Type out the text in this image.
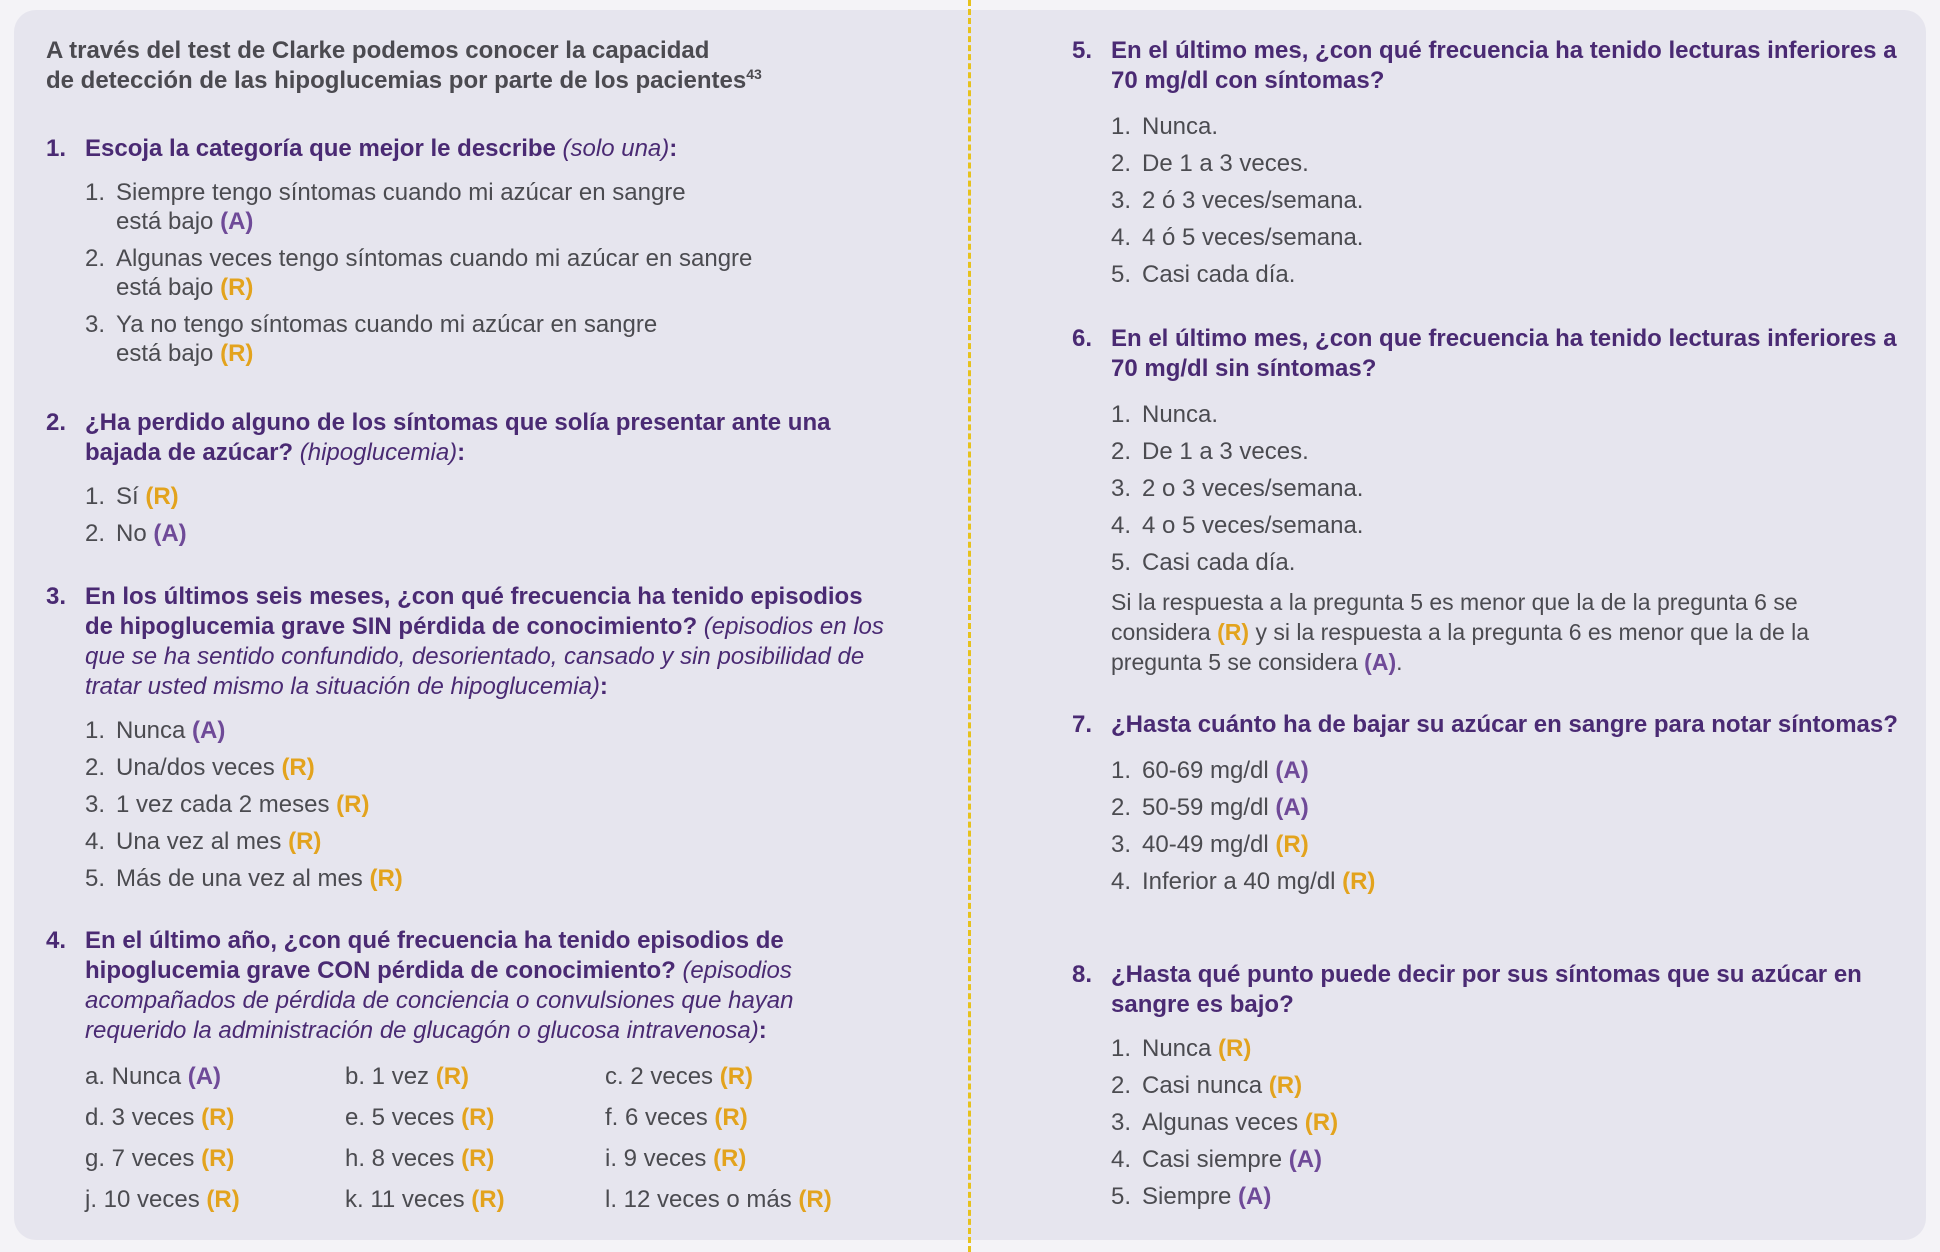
A través del test de Clarke podemos conocer la capacidad
de detección de las hipoglucemias por parte de los pacientes$^{43}$
1. Escoja la categoría que mejor le describe (solo una):
1. Siempre tengo síntomas cuando mi azúcar en sangre
está bajo (A)
2. Algunas veces tengo síntomas cuando mi azúcar en sangre
está bajo (R)
3. Ya no tengo síntomas cuando mi azúcar en sangre
está bajo (R)
2. ¿Ha perdido alguno de los síntomas que solía presentar ante una bajada de azúcar? (hipoglucemia):
1. Sí (R)
2. No (A)
3. En los últimos seis meses, ¿con qué frecuencia ha tenido episodios de hipoglucemia grave SIN pérdida de conocimiento? (episodios en los que se ha sentido confundido, desorientado, cansado y sin posibilidad de tratar usted mismo la situación de hipoglucemia):
1. Nunca (A)
2. Una/dos veces (R)
3. 1 vez cada 2 meses (R)
4. Una vez al mes (R)
5. Más de una vez al mes (R)
4. En el último año, ¿con qué frecuencia ha tenido episodios de hipoglucemia grave CON pérdida de conocimiento? (episodios acompañados de pérdida de conciencia o convulsiones que hayan requerido la administración de glucagón o glucosa intravenosa):
a. Nunca (A)	b. 1 vez (R)	c. 2 veces (R)
d. 3 veces (R)	e. 5 veces (R)	f. 6 veces (R)
g. 7 veces (R)	h. 8 veces (R)	i. 9 veces (R)
j. 10 veces (R)	k. 11 veces (R)	l. 12 veces o más (R)
5. En el último mes, ¿con qué frecuencia ha tenido lecturas inferiores a 70 mg/dl con síntomas?
1. Nunca.
2. De 1 a 3 veces.
3. 2 ó 3 veces/semana.
4. 4 ó 5 veces/semana.
5. Casi cada día.
6. En el último mes, ¿con que frecuencia ha tenido lecturas inferiores a 70 mg/dl sin síntomas?
1. Nunca.
2. De 1 a 3 veces.
3. 2 o 3 veces/semana.
4. 4 o 5 veces/semana.
5. Casi cada día.
Si la respuesta a la pregunta 5 es menor que la de la pregunta 6 se considera (R) y si la respuesta a la pregunta 6 es menor que la de la pregunta 5 se considera (A).
7. ¿Hasta cuánto ha de bajar su azúcar en sangre para notar síntomas?
1. 60-69 mg/dl (A)
2. 50-59 mg/dl (A)
3. 40-49 mg/dl (R)
4. Inferior a 40 mg/dl (R)
8. ¿Hasta qué punto puede decir por sus síntomas que su azúcar en sangre es bajo?
1. Nunca (R)
2. Casi nunca (R)
3. Algunas veces (R)
4. Casi siempre (A)
5. Siempre (A)
